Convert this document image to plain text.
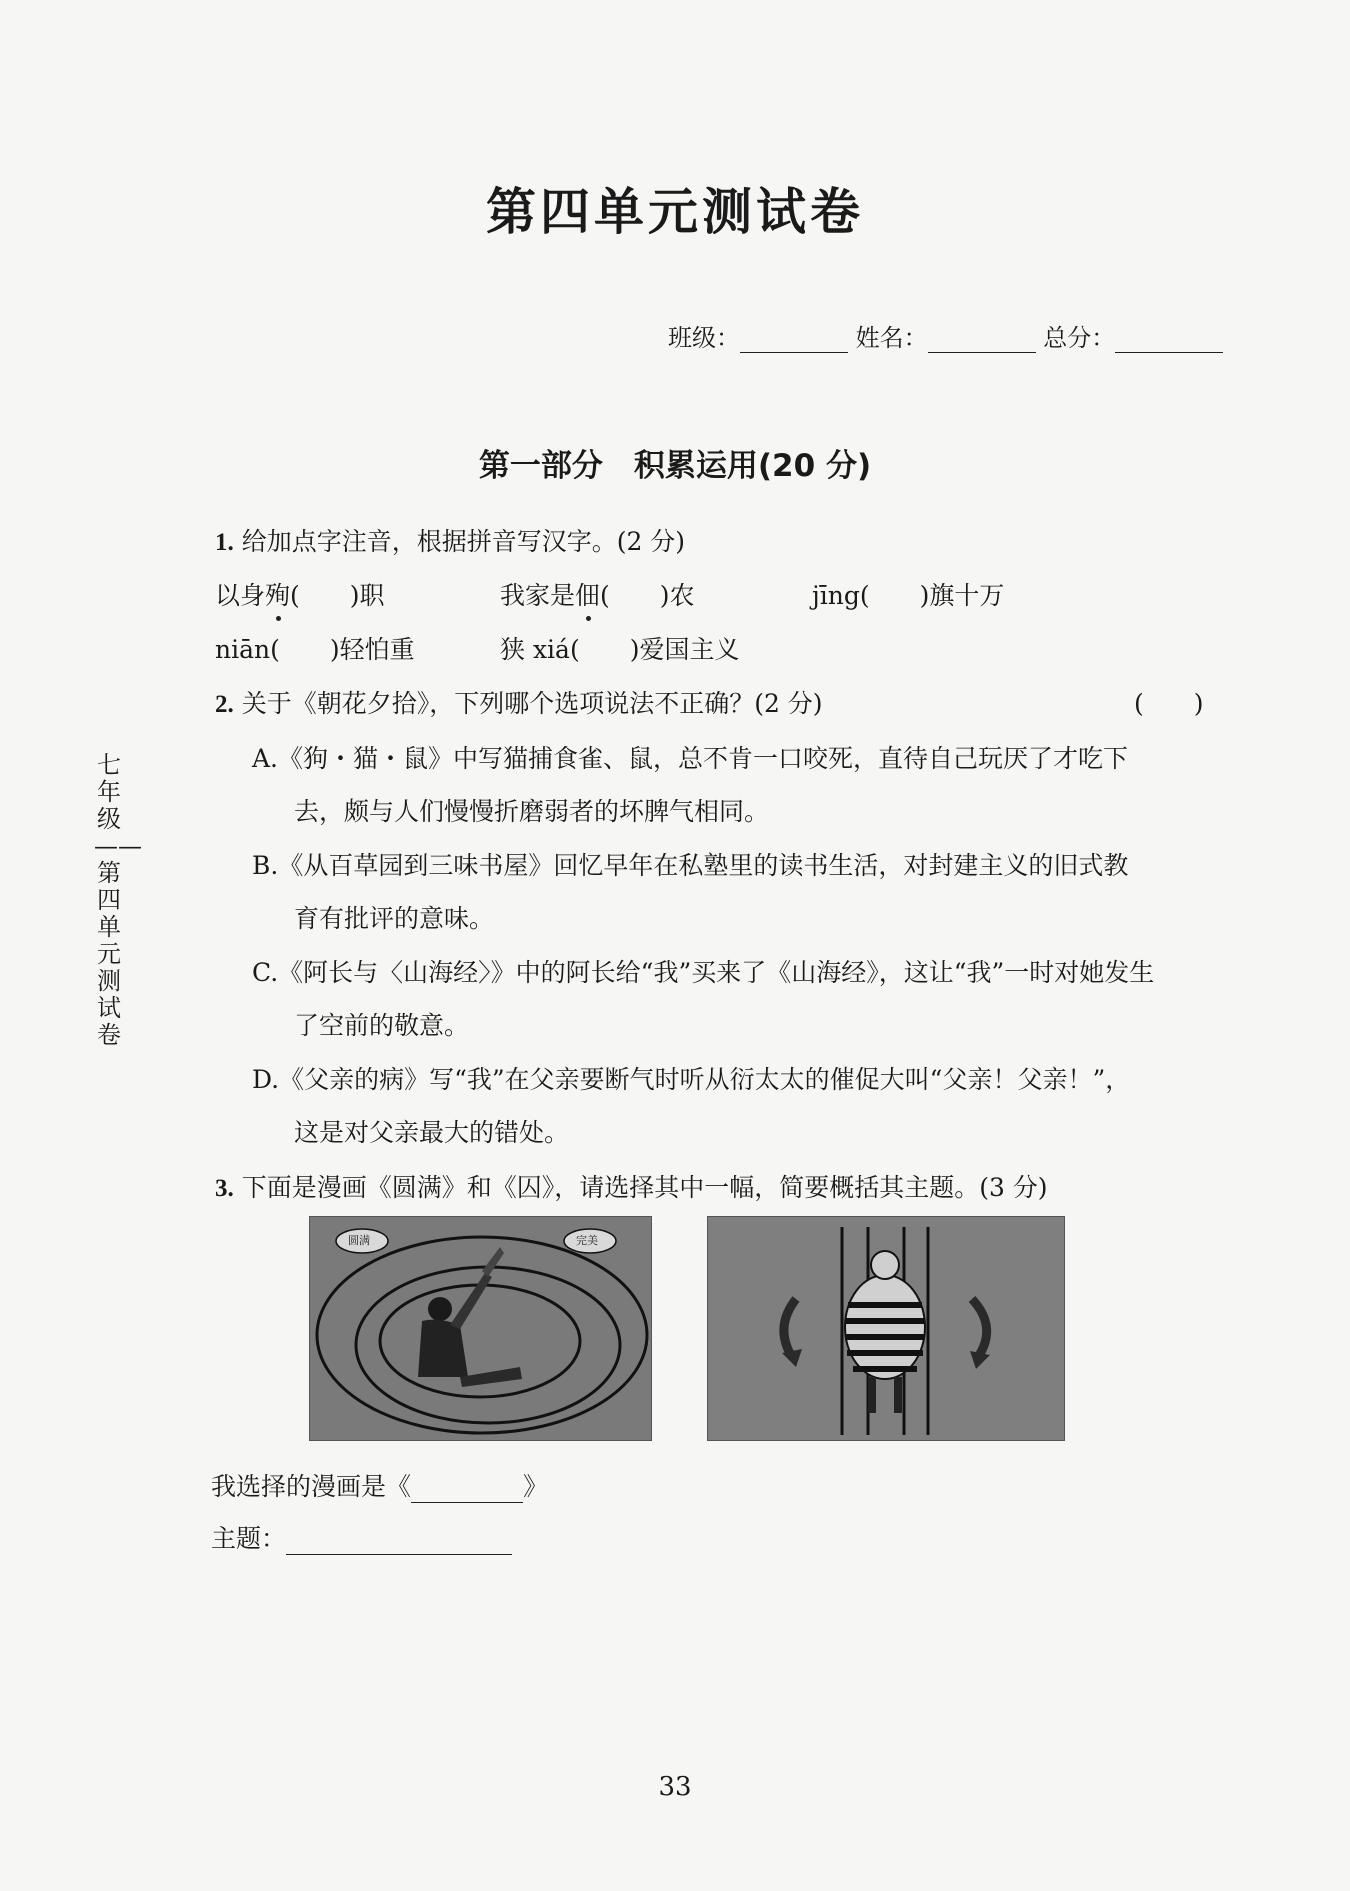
第四单元测试卷
班级：	姓名：	总分：
七年级——第四单元测试卷
第一部分　积累运用(20 分)
1. 给加点字注音，根据拼音写汉字。(2 分)
以身殉(　　)职	我家是佃(　　)农	jīng(　　)旗十万
niān(　　)轻怕重	狭 xiá(　　)爱国主义
2. 关于《朝花夕拾》，下列哪个选项说法不正确？(2 分)	(　　)
A.《狗・猫・鼠》中写猫捕食雀、鼠，总不肯一口咬死，直待自己玩厌了才吃下
去，颇与人们慢慢折磨弱者的坏脾气相同。
B.《从百草园到三味书屋》回忆早年在私塾里的读书生活，对封建主义的旧式教
育有批评的意味。
C.《阿长与〈山海经〉》中的阿长给“我”买来了《山海经》，这让“我”一时对她发生
了空前的敬意。
D.《父亲的病》写“我”在父亲要断气时听从衍太太的催促大叫“父亲！父亲！”，
这是对父亲最大的错处。
3. 下面是漫画《圆满》和《囚》，请选择其中一幅，简要概括其主题。(3 分)
圆满	完美
我选择的漫画是《	》
主题：
33
